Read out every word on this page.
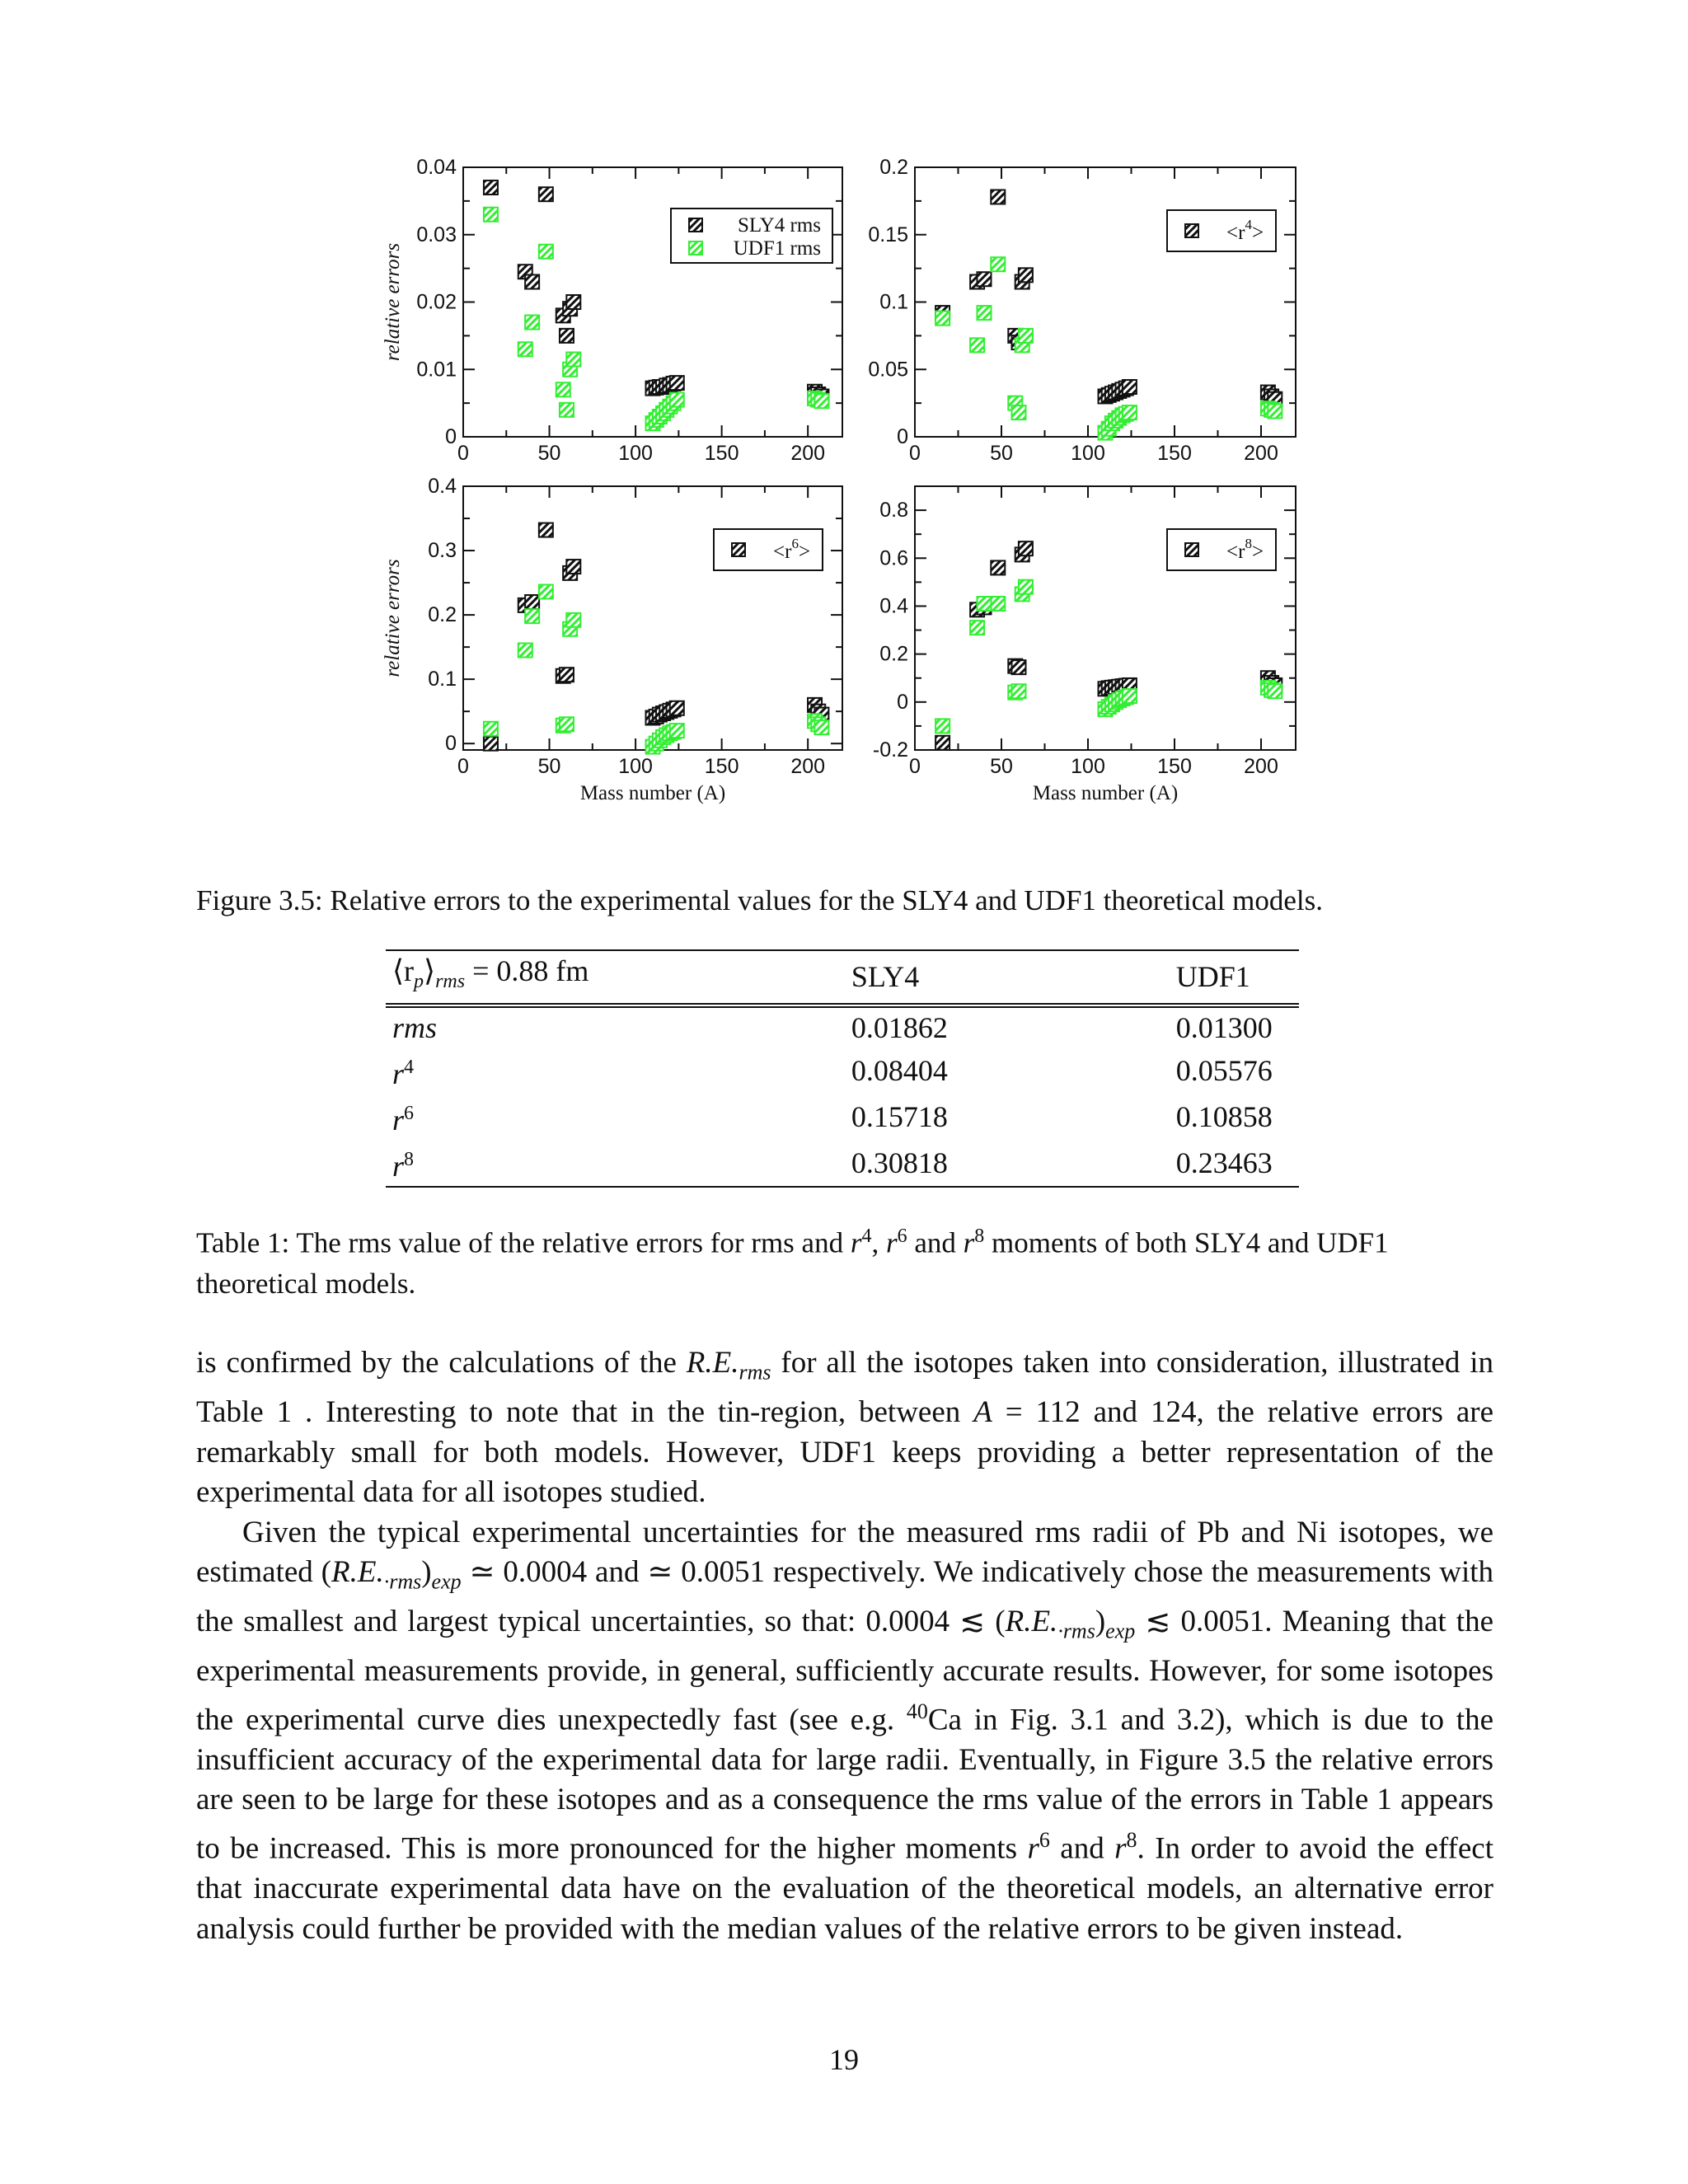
0	50	100	150	200
0
0.01
0.02
0.03
0.04
relative errors
SLY4 rms
UDF1 rms
0	50	100	150	200
0
0.05
0.1
0.15
0.2
$<r^4>$
0	50	100	150	200
0
0.1
0.2
0.3
0.4
relative errors
Mass number (A)
$<r^6>$
0	50	100	150	200
-0.2
0
0.2
0.4
0.6
0.8
Mass number (A)
$<r^8>$
Figure 3.5: Relative errors to the experimental values for the SLY4 and UDF1 theoretical models.
$⟨r_p⟩_{rms} = 0.88$ fm	SLY4	UDF1
rms	0.01862	0.01300
$r^4$	0.08404	0.05576
$r^6$	0.15718	0.10858
$r^8$	0.30818	0.23463
Table 1: The rms value of the relative errors for rms and $r^4$, $r^6$ and $r^8$ moments of both SLY4 and UDF1 theoretical models.

is confirmed by the calculations of the $R.E._{rms}$ for all the isotopes taken into consideration, illustrated in Table 1 . Interesting to note that in the tin-region, between A = 112 and 124, the relative errors are remarkably small for both models. However, UDF1 keeps providing a better representation of the experimental data for all isotopes studied.

Given the typical experimental uncertainties for the measured rms radii of Pb and Ni isotopes, we estimated $(R.E._{\cdot rms})_{exp}$ ≃ 0.0004 and ≃ 0.0051 respectively. We indicatively chose the measurements with the smallest and largest typical uncertainties, so that: 0.0004 ≲ $(R.E._{\cdot rms})_{exp}$ ≲ 0.0051. Meaning that the experimental measurements provide, in general, sufficiently accurate results. However, for some isotopes the experimental curve dies unexpectedly fast (see e.g. $^{40}$Ca in Fig. 3.1 and 3.2), which is due to the insufficient accuracy of the experimental data for large radii. Eventually, in Figure 3.5 the relative errors are seen to be large for these isotopes and as a consequence the rms value of the errors in Table 1 appears to be increased. This is more pronounced for the higher moments $r^6$ and $r^8$. In order to avoid the effect that inaccurate experimental data have on the evaluation of the theoretical models, an alternative error analysis could further be provided with the median values of the relative errors to be given instead.

19
